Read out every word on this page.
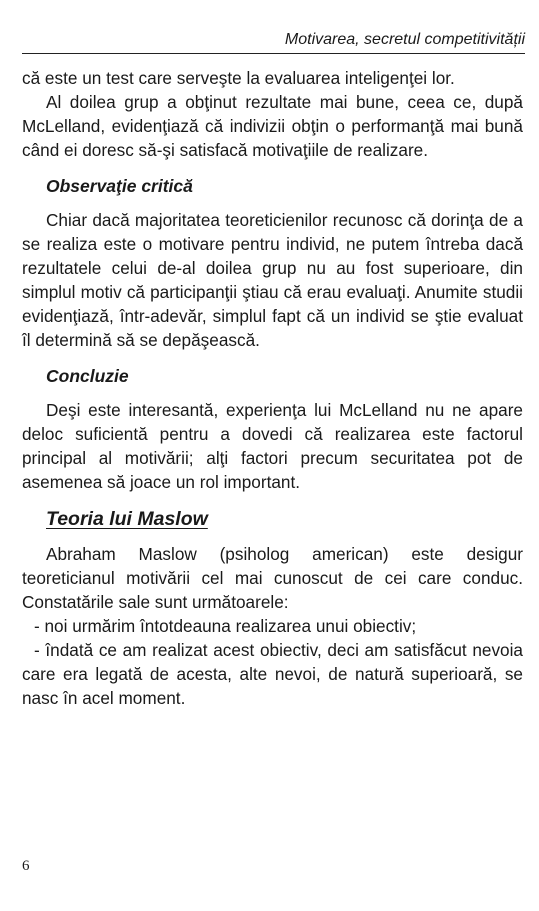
Motivarea, secretul competitivității

că este un test care serveşte la evaluarea inteligenţei lor.

Al doilea grup a obţinut rezultate mai bune, ceea ce, după McLelland, evidenţiază că indivizii obţin o performanţă mai bună când ei doresc să-şi satisfacă motivaţiile de realizare.

Observaţie critică

Chiar dacă majoritatea teoreticienilor recunosc că dorinţa de a se realiza este o motivare pentru individ, ne putem întreba dacă rezultatele celui de-al doilea grup nu au fost superioare, din simplul motiv că participanţii ştiau că erau evaluaţi. Anumite studii evidenţiază, într-adevăr, simplul fapt că un individ se ştie evaluat îl determină să se depăşească.

Concluzie

Deşi este interesantă, experienţa lui McLelland nu ne apare deloc suficientă pentru a dovedi că realizarea este factorul principal al motivării; alţi factori precum securitatea pot de asemenea să joace un rol important.

Teoria lui Maslow

Abraham Maslow (psiholog american) este desigur teoreticianul motivării cel mai cunoscut de cei care conduc. Constatările sale sunt următoarele:

- noi urmărim întotdeauna realizarea unui obiectiv;

- îndată ce am realizat acest obiectiv, deci am satisfăcut nevoia care era legată de acesta, alte nevoi, de natură superioară, se nasc în acel moment.

6
